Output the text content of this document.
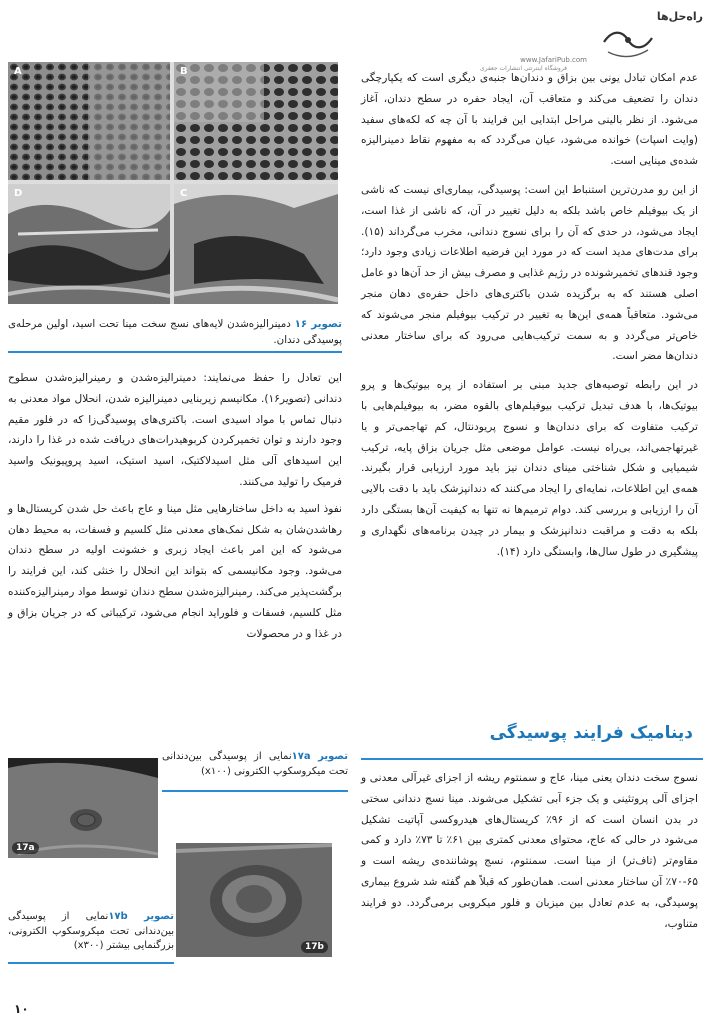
راه‌حل‌ها
www.JafariPub.com
فروشگاه اینترنتی انتشارات جعفری
A	B
D	C
تصویر ۱۶ دمینرالیزه‌شدن لایه‌های نسج سخت مینا تحت اسید، اولین مرحله‌ی پوسیدگی دندان.

عدم امکان تبادل یونی بین بزاق و دندان‌ها جنبه‌ی دیگری است که یکپارچگی دندان را تضعیف می‌کند و متعاقب آن، ایجاد حفره در سطح دندان، آغاز می‌شود. از نظر بالینی مراحل ابتدایی این فرایند با آن چه که لکه‌های سفید (وایت اسپات) خوانده می‌شود، عیان می‌گردد که به مفهوم نقاط دمینرالیزه شده‌ی مینایی است.

از این رو مدرن‌ترین استنباط این است: پوسیدگی، بیماری‌ای نیست که ناشی از یک بیوفیلم خاص باشد بلکه به دلیل تغییر در آن، که ناشی از غذا است، ایجاد می‌شود، در حدی که آن را برای نسوج دندانی، مخرب می‌گرداند (۱۵). برای مدت‌های مدید است که در مورد این فرضیه اطلاعات زیادی وجود دارد؛ وجود قندهای تخمیرشونده در رژیم غذایی و مصرف بیش از حد آن‌ها دو عامل اصلی هستند که به برگزیده شدن باکتری‌های داخل حفره‌ی دهان منجر می‌شود. متعاقباً همه‌ی این‌ها به تغییر در ترکیب بیوفیلم منجر می‌شوند که خاص‌تر می‌گردد و به سمت ترکیب‌هایی می‌رود که برای ساختار معدنی دندان‌ها مضر است.

در این رابطه توصیه‌های جدید مبنی بر استفاده از پره بیوتیک‌ها و پرو بیوتیک‌ها، با هدف تبدیل ترکیب بیوفیلم‌های بالقوه مضر، به بیوفیلم‌هایی با ترکیب متفاوت که برای دندان‌ها و نسوج پریودنتال، کم تهاجمی‌تر و یا غیرتهاجمی‌اند، بی‌راه نیست. عوامل موضعی مثل جریان بزاق پایه، ترکیب شیمیایی و شکل شناختی مینای دندان نیز باید مورد ارزیابی قرار بگیرند. همه‌ی این اطلاعات، نمایه‌ای را ایجاد می‌کنند که دندانپزشک باید با دقت بالایی آن را ارزیابی و بررسی کند. دوام ترمیم‌ها نه تنها به کیفیت آن‌ها بستگی دارد بلکه به دقت و مراقبت دندانپزشک و بیمار در چیدن برنامه‌های نگهداری و پیشگیری در طول سال‌ها، وابستگی دارد (۱۴).

دینامیک فرایند پوسیدگی

نسوج سخت دندان یعنی مینا، عاج و سمنتوم ریشه از اجزای غیرآلی معدنی و اجزای آلی پروتئینی و یک جزء آبی تشکیل می‌شوند. مینا نسج دندانی سختی در بدن انسان است که از ۹۶٪ کریستال‌های هیدروکسی آپاتیت تشکیل می‌شود در حالی که عاج، محتوای معدنی کمتری بین ۶۱٪ تا ۷۳٪ دارد و کمی مقاوم‌تر (تاف‌تر) از مینا است. سمنتوم، نسج پوشاننده‌ی ریشه است و ۶۵-۷۰٪ آن ساختار معدنی است. همان‌طور که قبلاً هم گفته شد شروع بیماری پوسیدگی، به عدم تعادل بین میزبان و فلور میکروبی برمی‌گردد. دو فرایند متناوب،

این تعادل را حفظ می‌نمایند: دمینرالیزه‌شدن و رمینرالیزه‌شدن سطوح دندانی (تصویر۱۶). مکانیسم زیربنایی دمینرالیزه شدن، انحلال مواد معدنی به دنبال تماس با مواد اسیدی است. باکتری‌های پوسیدگی‌زا که در فلور مقیم وجود دارند و توان تخمیرکردن کربوهیدرات‌های دریافت شده در غذا را دارند، این اسیدهای آلی مثل اسیدلاکتیک، اسید استیک، اسید پروپیونیک واسید فرمیک را تولید می‌کنند.

نفوذ اسید به داخل ساختارهایی مثل مینا و عاج باعث حل شدن کریستال‌ها و رهاشدن‌شان به شکل نمک‌های معدنی مثل کلسیم و فسفات، به محیط دهان می‌شود که این امر باعث ایجاد زبری و خشونت اولیه در سطح دندان می‌شود. وجود مکانیسمی که بتواند این انحلال را خنثی کند، این فرایند را برگشت‌پذیر می‌کند. رمینرالیزه‌شدن سطح دندان توسط مواد رمینرالیزه‌کننده مثل کلسیم، فسفات و فلوراید انجام می‌شود، ترکیباتی که در جریان بزاق و در غذا و در محصولات

17a
تصویر ۱۷aنمایی از پوسیدگی بین‌دندانی تحت میکروسکوپ الکترونی (x۱۰۰)
17b
تصویر ۱۷bنمایی از پوسیدگی بین‌دندانی تحت میکروسکوپ الکترونی، بزرگنمایی بیشتر (x۳۰۰)
۱۰
